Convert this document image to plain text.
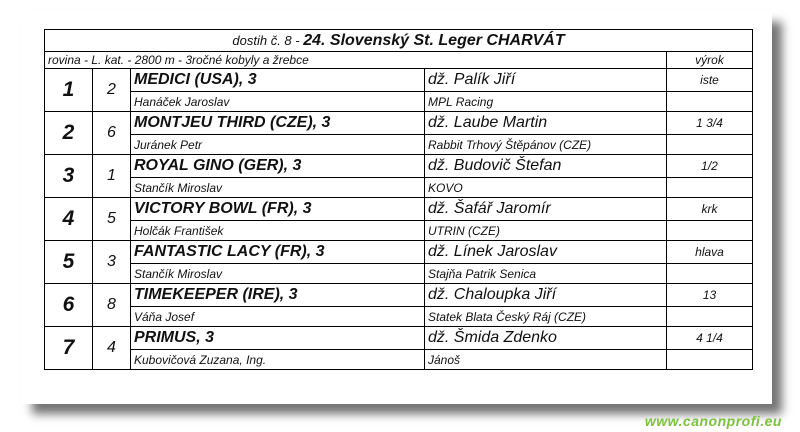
dostih č. 8 - 24. Slovenský St. Leger CHARVÁT				
rovina - L. kat. - 2800 m - 3ročné kobyly a žrebce				výrok
1	2	MEDICI (USA), 3	dž. Palík Jiří	iste
		Hanáček Jaroslav	MPL Racing	
2	6	MONTJEU THIRD (CZE), 3	dž. Laube Martin	1 3/4
		Juránek Petr	Rabbit Trhový Štěpánov (CZE)	
3	1	ROYAL GINO (GER), 3	dž. Budovič Štefan	1/2
		Stančík Miroslav	KOVO	
4	5	VICTORY BOWL (FR), 3	dž. Šafář Jaromír	krk
		Holčák František	UTRIN (CZE)	
5	3	FANTASTIC LACY (FR), 3	dž. Línek Jaroslav	hlava
		Stančík Miroslav	Stajňa Patrik Senica	
6	8	TIMEKEEPER (IRE), 3	dž. Chaloupka Jiří	13
		Váňa Josef	Statek Blata Český Ráj (CZE)	
7	4	PRIMUS, 3	dž. Šmida Zdenko	4 1/4
		Kubovičová Zuzana, Ing.	Jánoš	
www.canonprofi.eu
